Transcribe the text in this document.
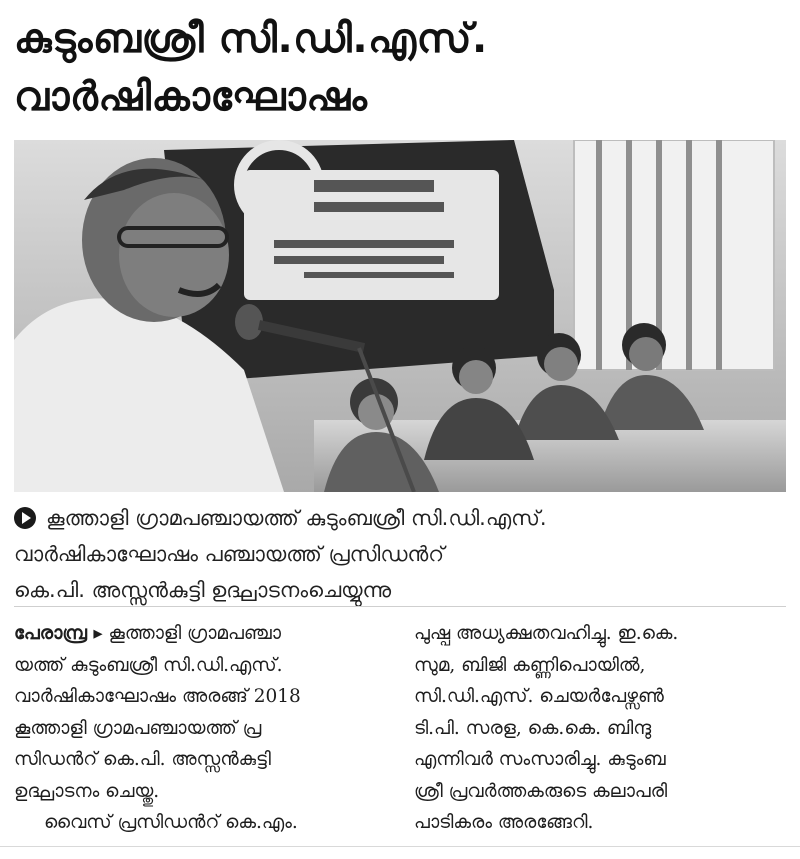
കുടുംബശ്രീ സി.ഡി.എസ്.
വാർഷികാഘോഷം
കൂത്താളി ഗ്രാമപഞ്ചായത്ത് കുടുംബശ്രീ സി.ഡി.എസ്.
വാർഷികാഘോഷം പഞ്ചായത്ത് പ്രസിഡൻറ്
കെ.പി. അസ്സൻകുട്ടി ഉദ്ഘാടനംചെയ്യുന്നു
പേരാമ്പ്ര ▸ കൂത്താളി ഗ്രാമപഞ്ചാ
യത്ത് കുടുംബശ്രീ സി.ഡി.എസ്.
വാർഷികാഘോഷം അരങ്ങ് 2018
കൂത്താളി ഗ്രാമപഞ്ചായത്ത് പ്ര
സിഡൻറ് കെ.പി. അസ്സൻകുട്ടി
ഉദ്ഘാടനം ചെയ്തു.
വൈസ് പ്രസിഡൻറ് കെ.എം.
പുഷ്പ അധ്യക്ഷതവഹിച്ചു. ഇ.കെ.
സുമ, ബിജി കണ്ണിപൊയിൽ,
സി.ഡി.എസ്. ചെയർപേഴ്സൺ
ടി.പി. സരള, കെ.കെ. ബിന്ദു
എന്നിവർ സംസാരിച്ചു. കുടുംബ
ശ്രീ പ്രവർത്തകരുടെ കലാപരി
പാടികരം അരങ്ങേറി.
